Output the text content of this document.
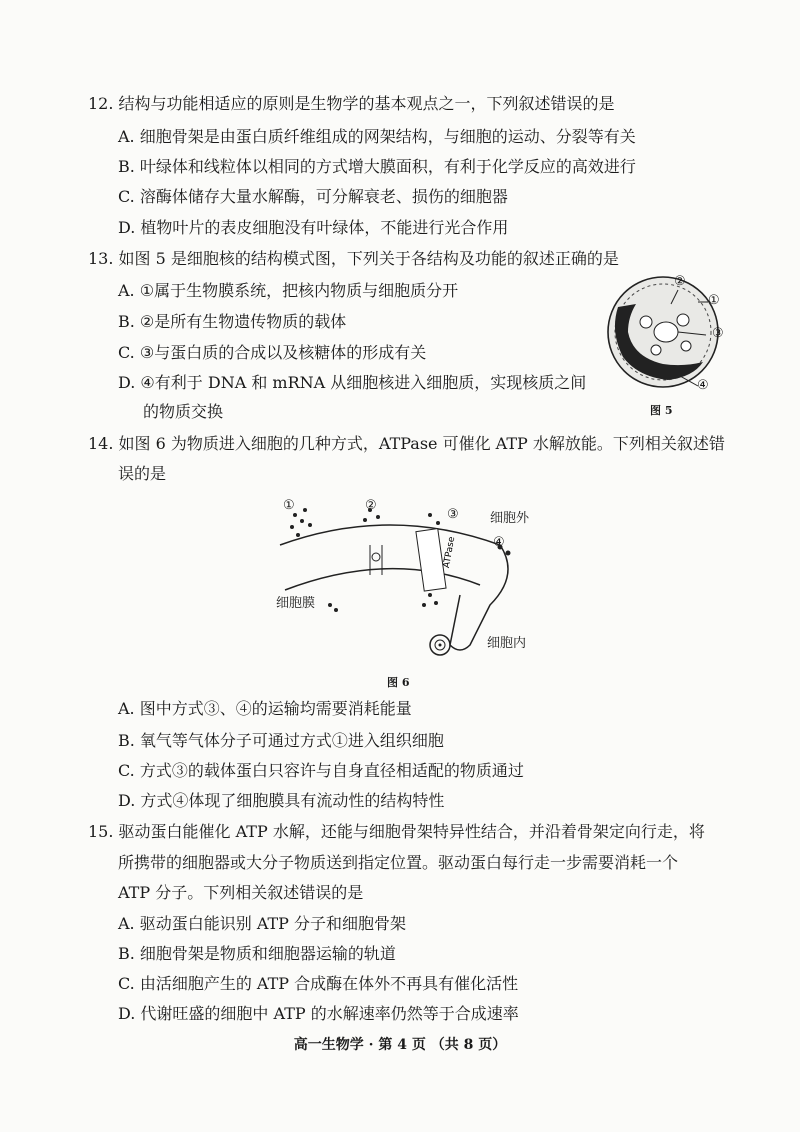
12. 结构与功能相适应的原则是生物学的基本观点之一，下列叙述错误的是
A. 细胞骨架是由蛋白质纤维组成的网架结构，与细胞的运动、分裂等有关
B. 叶绿体和线粒体以相同的方式增大膜面积，有利于化学反应的高效进行
C. 溶酶体储存大量水解酶，可分解衰老、损伤的细胞器
D. 植物叶片的表皮细胞没有叶绿体，不能进行光合作用
13. 如图 5 是细胞核的结构模式图，下列关于各结构及功能的叙述正确的是
A. ①属于生物膜系统，把核内物质与细胞质分开
B. ②是所有生物遗传物质的载体
C. ③与蛋白质的合成以及核糖体的形成有关
D. ④有利于 DNA 和 mRNA 从细胞核进入细胞质，实现核质之间
的物质交换
②
①
③
④
图 5
14. 如图 6 为物质进入细胞的几种方式，ATPase 可催化 ATP 水解放能。下列相关叙述错
误的是
ATPase
①	②
③
④
细胞外
细胞内
细胞膜
图 6
A. 图中方式③、④的运输均需要消耗能量
B. 氧气等气体分子可通过方式①进入组织细胞
C. 方式③的载体蛋白只容许与自身直径相适配的物质通过
D. 方式④体现了细胞膜具有流动性的结构特性
15. 驱动蛋白能催化 ATP 水解，还能与细胞骨架特异性结合，并沿着骨架定向行走，将
所携带的细胞器或大分子物质送到指定位置。驱动蛋白每行走一步需要消耗一个
ATP 分子。下列相关叙述错误的是
A. 驱动蛋白能识别 ATP 分子和细胞骨架
B. 细胞骨架是物质和细胞器运输的轨道
C. 由活细胞产生的 ATP 合成酶在体外不再具有催化活性
D. 代谢旺盛的细胞中 ATP 的水解速率仍然等于合成速率
高一生物学 · 第 4 页 （共 8 页）
